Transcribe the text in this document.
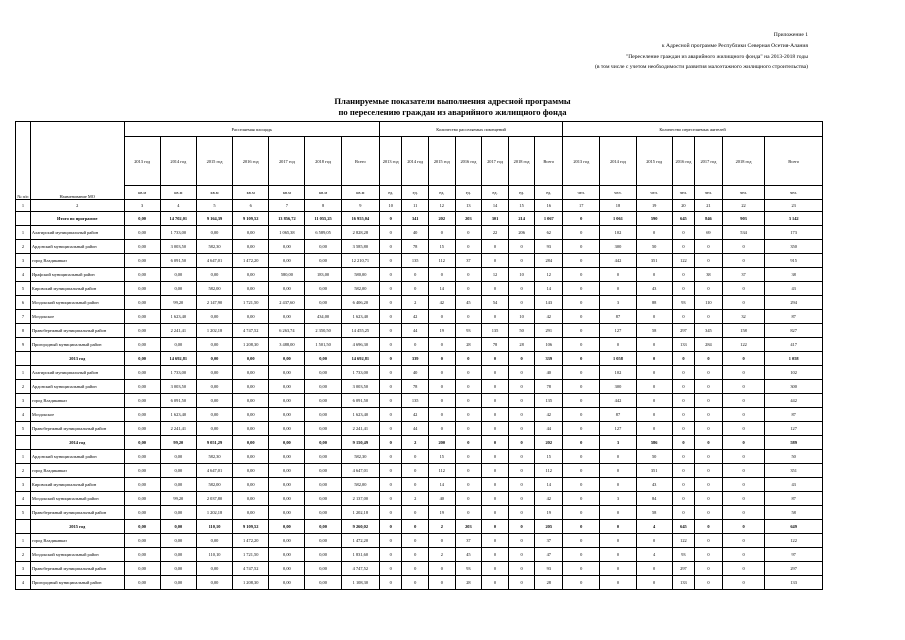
Приложение 1
к Адресной программе Республики Северная Осетия-Алания
"Переселение граждан из аварийного жилищного фонда" на 2013-2018 годы
(в том числе с учетом необходимости развития малоэтажного жилищного строительства)
Планируемые показатели выполнения адресной программы
по переселению граждан из аварийного жилищного фонда
№ п/п	Наименование МО	Расселяемая площадь							Количество расселяемых помещений							Количество переселяемых жителей						
		2013 год	2014 год	2015 год	2016 год	2017 год	2018 год	Всего	2013 год	2014 год	2015 год	2016 год	2017 год	2018 год	Всего	2013 год	2014 год	2015 год	2016 год	2017 год	2018 год	Всего
		кв.м	кв.м	кв.м	кв.м	кв.м	кв.м	кв.м	ед.	ед.	ед.	ед.	ед.	ед.	ед.	чел.	чел.	чел.	чел.	чел.	чел.	чел.
1	2	3	4	5	6	7	8	9	10	11	12	13	14	15	16	17	18	19	20	21	22	23
	Итого по программе	0,00	14 702,01	9 164,39	9 109,52	13 856,72	11 055,25	16 955,04	0	341	202	203	301	214	1 067	0	1 061	590	645	846	903	3 142
1	Алагирский муниципальный район	0,00	1 733,00	0,00	0,00	1 065,38	6 589,05	2 828,28	0	40	0	0	22	206	62	0	102	0	0	69	534	173
2	Ардонский муниципальный район	0,00	3 003,50	582,30	0,00	0,00	0,00	3 585,80	0	78	15	0	0	0	93	0	300	50	0	0	0	350
3	город Владикавказ	0,00	6 091,50	4 647,01	1 472,20	0,00	0,00	12 210,71	0	135	112	37	0	0	284	0	442	351	122	0	0	915
4	Ирафский муниципальный район	0,00	0,00	0,00	0,00	580,00	183,00	580,00	0	0	0	0	12	10	12	0	0	0	0	38	37	38
5	Кировский муниципальный район	0,00	0,00	582,00	0,00	0,00	0,00	582,00	0	0	14	0	0	0	14	0	0	43	0	0	0	43
6	Моздокский муниципальный район	0,00	99,20	2 147,90	1 721,50	2 437,60	0,00	6 406,20	0	2	42	45	54	0	143	0	3	88	93	110	0	294
7	Моздокское	0,00	1 623,40	0,00	0,00	0,00	434,00	1 623,40	0	42	0	0	0	10	42	0	87	0	0	0	32	87
8	Правобережный муниципальный район	0,00	2 241,41	1 202,18	4 747,52	6 263,74	2 350,50	14 455,25	0	44	19	93	135	50	291	0	127	58	297	345	158	827
9	Пригородный муниципальный район	0,00	0,00	0,00	1 208,30	3 488,00	1 501,50	4 696,30	0	0	0	28	78	28	106	0	0	0	133	284	122	417
	2013 год	0,00	14 692,81	0,00	0,00	0,00	0,00	14 692,81	0	339	0	0	0	0	339	0	1 058	0	0	0	0	1 058
1	Алагирский муниципальный район	0,00	1 733,00	0,00	0,00	0,00	0,00	1 733,00	0	40	0	0	0	0	40	0	102	0	0	0	0	102
2	Ардонский муниципальный район	0,00	3 003,50	0,00	0,00	0,00	0,00	3 003,50	0	78	0	0	0	0	78	0	300	0	0	0	0	300
3	город Владикавказ	0,00	6 091,50	0,00	0,00	0,00	0,00	6 091,50	0	135	0	0	0	0	135	0	442	0	0	0	0	442
4	Моздокское	0,00	1 623,40	0,00	0,00	0,00	0,00	1 623,40	0	42	0	0	0	0	42	0	87	0	0	0	0	87
5	Правобережный муниципальный район	0,00	2 241,41	0,00	0,00	0,00	0,00	2 241,41	0	44	0	0	0	0	44	0	127	0	0	0	0	127
	2014 год	0,00	99,20	9 051,29	0,00	0,00	0,00	9 150,49	0	2	200	0	0	0	202	0	3	586	0	0	0	589
1	Ардонский муниципальный район	0,00	0,00	582,30	0,00	0,00	0,00	582,30	0	0	15	0	0	0	15	0	0	50	0	0	0	50
2	город Владикавказ	0,00	0,00	4 647,01	0,00	0,00	0,00	4 647,01	0	0	112	0	0	0	112	0	0	351	0	0	0	351
3	Кировский муниципальный район	0,00	0,00	582,00	0,00	0,00	0,00	582,00	0	0	14	0	0	0	14	0	0	43	0	0	0	43
4	Моздокский муниципальный район	0,00	99,20	2 037,80	0,00	0,00	0,00	2 137,00	0	2	40	0	0	0	42	0	3	84	0	0	0	87
5	Правобережный муниципальный район	0,00	0,00	1 202,18	0,00	0,00	0,00	1 202,18	0	0	19	0	0	0	19	0	0	58	0	0	0	58
	2015 год	0,00	0,00	110,10	9 109,52	0,00	0,00	9 260,02	0	0	2	203	0	0	205	0	0	4	645	0	0	649
1	город Владикавказ	0,00	0,00	0,00	1 472,20	0,00	0,00	1 472,20	0	0	0	37	0	0	37	0	0	0	122	0	0	122
2	Моздокский муниципальный район	0,00	0,00	110,10	1 721,50	0,00	0,00	1 831,60	0	0	2	45	0	0	47	0	0	4	93	0	0	97
3	Правобережный муниципальный район	0,00	0,00	0,00	4 747,52	0,00	0,00	4 747,52	0	0	0	93	0	0	93	0	0	0	297	0	0	297
4	Пригородный муниципальный район	0,00	0,00	0,00	1 208,30	0,00	0,00	1 108,30	0	0	0	28	0	0	28	0	0	0	133	0	0	133
